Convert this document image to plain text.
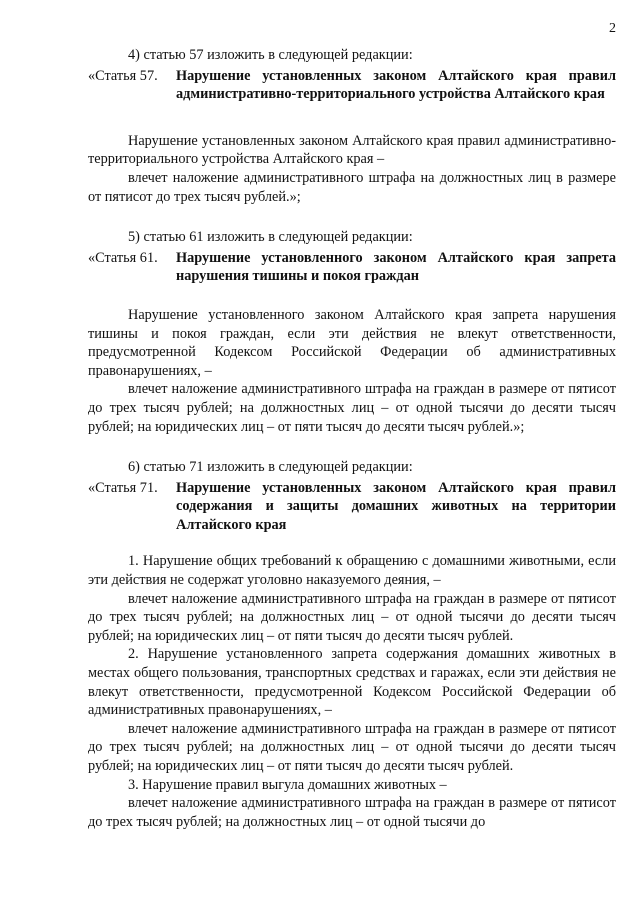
2

4) статью 57 изложить в следующей редакции:

«Статья 57.	Нарушение установленных законом Алтайского края правил административно-территориального устройства Алтайского края

Нарушение установленных законом Алтайского края правил административно-территориального устройства Алтайского края –

влечет наложение административного штрафа на должностных лиц в размере от пятисот до трех тысяч рублей.»;

5) статью 61 изложить в следующей редакции:

«Статья 61.	Нарушение установленного законом Алтайского края запрета нарушения тишины и покоя граждан

Нарушение установленного законом Алтайского края запрета нарушения тишины и покоя граждан, если эти действия не влекут ответственности, предусмотренной Кодексом Российской Федерации об административных правонарушениях, –

влечет наложение административного штрафа на граждан в размере от пятисот до трех тысяч рублей; на должностных лиц – от одной тысячи до десяти тысяч рублей; на юридических лиц – от пяти тысяч до десяти тысяч рублей.»;

6) статью 71 изложить в следующей редакции:

«Статья 71.	Нарушение установленных законом Алтайского края правил содержания и защиты домашних животных на территории Алтайского края

1. Нарушение общих требований к обращению с домашними животными, если эти действия не содержат уголовно наказуемого деяния, –

влечет наложение административного штрафа на граждан в размере от пятисот до трех тысяч рублей; на должностных лиц – от одной тысячи до десяти тысяч рублей; на юридических лиц – от пяти тысяч до десяти тысяч рублей.

2. Нарушение установленного запрета содержания домашних животных в местах общего пользования, транспортных средствах и гаражах, если эти действия не влекут ответственности, предусмотренной Кодексом Российской Федерации об административных правонарушениях, –

влечет наложение административного штрафа на граждан в размере от пятисот до трех тысяч рублей; на должностных лиц – от одной тысячи до десяти тысяч рублей; на юридических лиц – от пяти тысяч до десяти тысяч рублей.

3. Нарушение правил выгула домашних животных –

влечет наложение административного штрафа на граждан в размере от пятисот до трех тысяч рублей; на должностных лиц – от одной тысячи до
